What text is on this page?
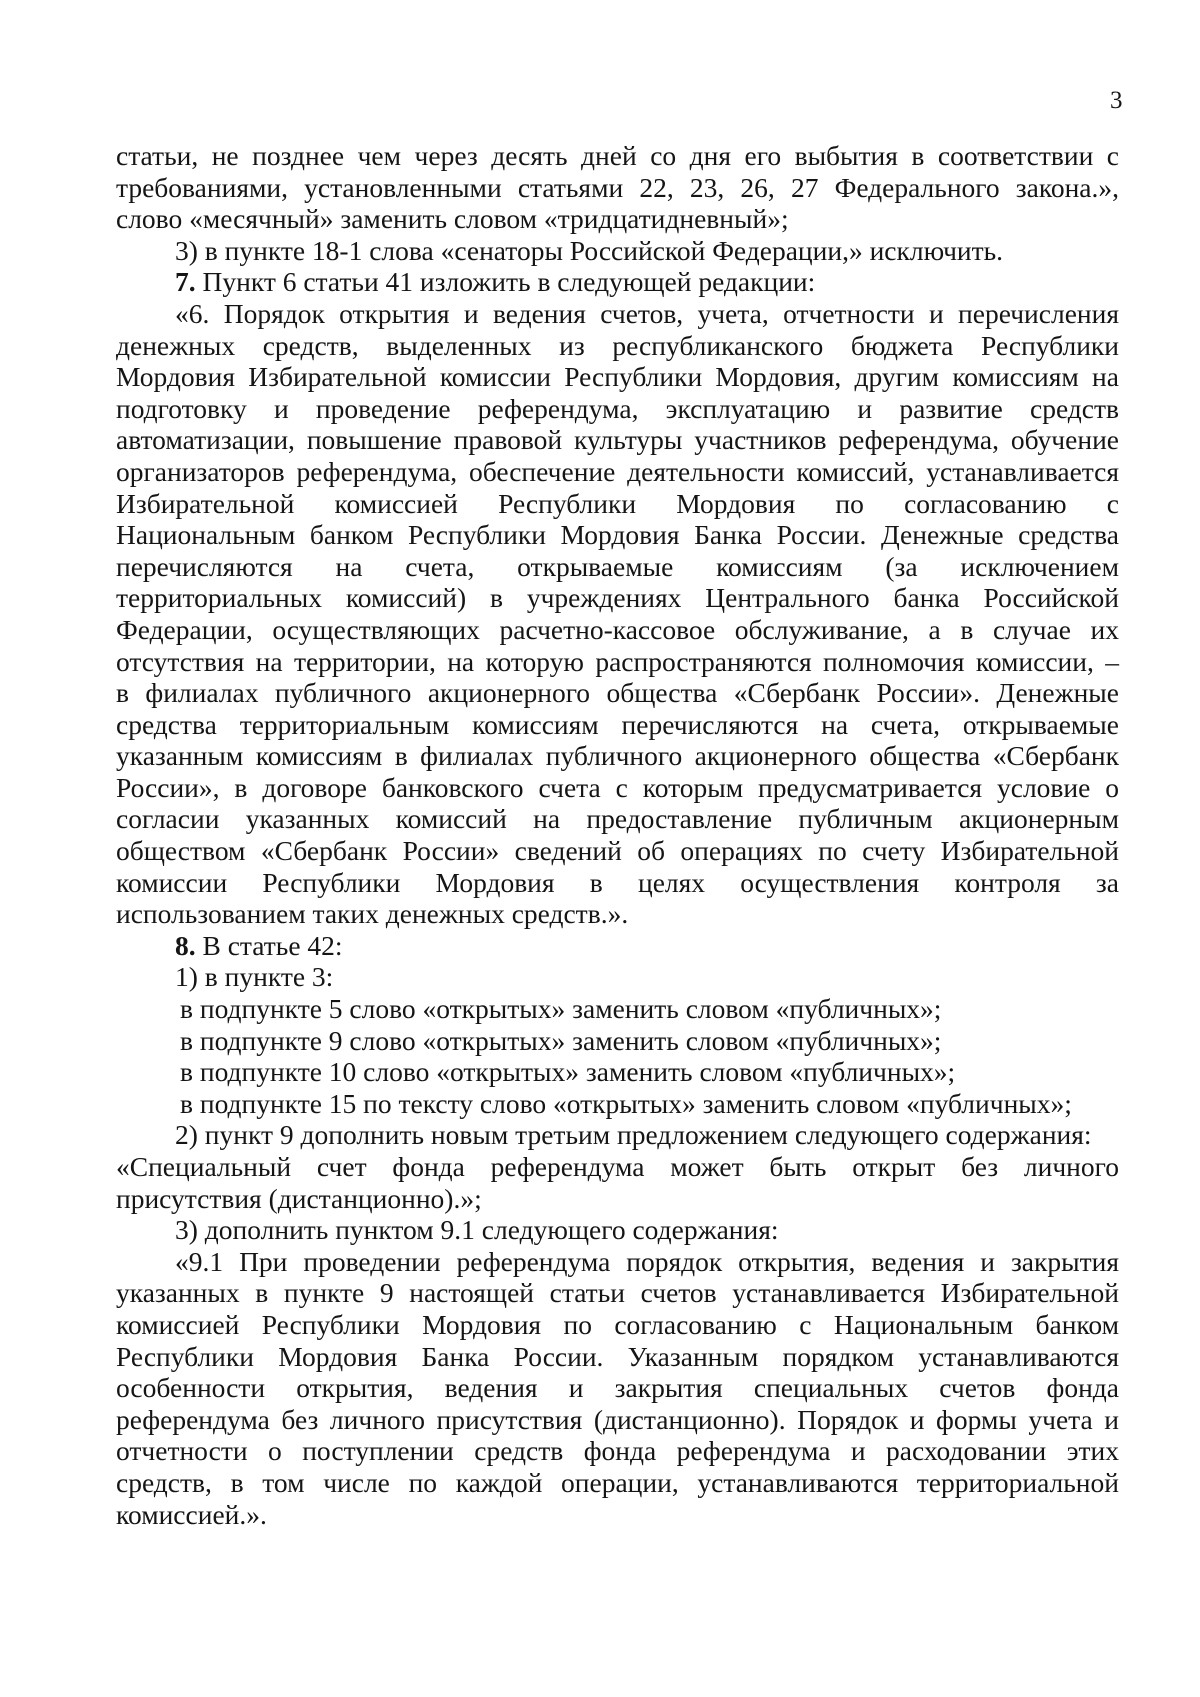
3
статьи, не позднее чем через десять дней со дня его выбытия в соответствии с
требованиями, установленными статьями 22, 23, 26, 27 Федерального закона.»,
слово «месячный» заменить словом «тридцатидневный»;
3) в пункте 18-1 слова «сенаторы Российской Федерации,» исключить.
7. Пункт 6 статьи 41 изложить в следующей редакции:
«6. Порядок открытия и ведения счетов, учета, отчетности и перечисления
денежных средств, выделенных из республиканского бюджета Республики
Мордовия Избирательной комиссии Республики Мордовия, другим комиссиям на
подготовку и проведение референдума, эксплуатацию и развитие средств
автоматизации, повышение правовой культуры участников референдума, обучение
организаторов референдума, обеспечение деятельности комиссий, устанавливается
Избирательной комиссией Республики Мордовия по согласованию с
Национальным банком Республики Мордовия Банка России. Денежные средства
перечисляются на счета, открываемые комиссиям (за исключением
территориальных комиссий) в учреждениях Центрального банка Российской
Федерации, осуществляющих расчетно-кассовое обслуживание, а в случае их
отсутствия на территории, на которую распространяются полномочия комиссии, –
в филиалах публичного акционерного общества «Сбербанк России». Денежные
средства территориальным комиссиям перечисляются на счета, открываемые
указанным комиссиям в филиалах публичного акционерного общества «Сбербанк
России», в договоре банковского счета с которым предусматривается условие о
согласии указанных комиссий на предоставление публичным акционерным
обществом «Сбербанк России» сведений об операциях по счету Избирательной
комиссии Республики Мордовия в целях осуществления контроля за
использованием таких денежных средств.».
8. В статье 42:
1) в пункте 3:
в подпункте 5 слово «открытых» заменить словом «публичных»;
в подпункте 9 слово «открытых» заменить словом «публичных»;
в подпункте 10 слово «открытых» заменить словом «публичных»;
в подпункте 15 по тексту слово «открытых» заменить словом «публичных»;
2) пункт 9 дополнить новым третьим предложением следующего содержания:
«Специальный счет фонда референдума может быть открыт без личного
присутствия (дистанционно).»;
3) дополнить пунктом 9.1 следующего содержания:
«9.1 При проведении референдума порядок открытия, ведения и закрытия
указанных в пункте 9 настоящей статьи счетов устанавливается Избирательной
комиссией Республики Мордовия по согласованию с Национальным банком
Республики Мордовия Банка России. Указанным порядком устанавливаются
особенности открытия, ведения и закрытия специальных счетов фонда
референдума без личного присутствия (дистанционно). Порядок и формы учета и
отчетности о поступлении средств фонда референдума и расходовании этих
средств, в том числе по каждой операции, устанавливаются территориальной
комиссией.».
